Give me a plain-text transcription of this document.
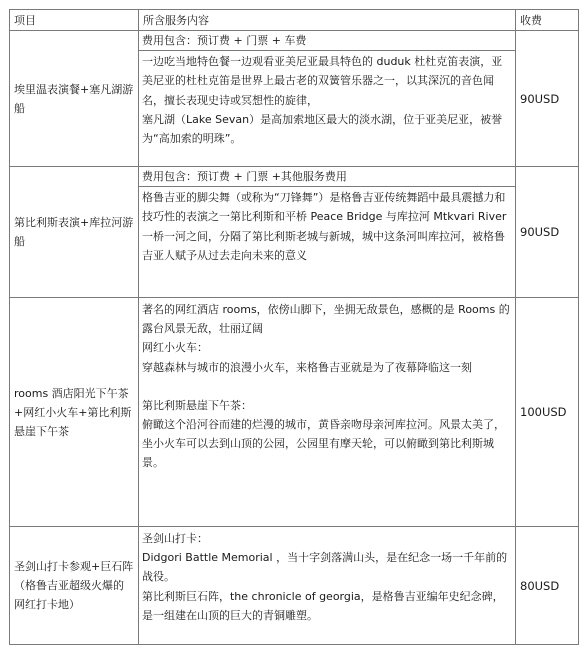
项目	所含服务内容	收费
埃里温表演餐+塞凡湖游船	费用包含：预订费 + 门票 + 车费
一边吃当地特色餐一边观看亚美尼亚最具特色的 duduk 杜杜克笛表演，亚美尼亚的杜杜克笛是世界上最古老的双簧管乐器之一，以其深沉的音色闻名，擅长表现史诗或冥想性的旋律，
塞凡湖（Lake Sevan）是高加索地区最大的淡水湖，位于亚美尼亚，被誉为“高加索的明珠”。	90USD
第比利斯表演+库拉河游船	费用包含：预订费 + 门票 +其他服务费用
格鲁吉亚的脚尖舞（或称为“刀锋舞”）是格鲁吉亚传统舞蹈中最具震撼力和技巧性的表演之一第比利斯和平桥 Peace Bridge 与库拉河 Mtkvari River
一桥一河之间，分隔了第比利斯老城与新城，城中这条河叫库拉河，被格鲁吉亚人赋予从过去走向未来的意义	90USD
rooms 酒店阳光下午茶+网红小火车+第比利斯悬崖下午茶	著名的网红酒店 rooms，依傍山脚下，坐拥无敌景色，感概的是 Rooms 的露台风景无敌，壮丽辽阔
网红小火车：
穿越森林与城市的浪漫小火车，来格鲁吉亚就是为了夜幕降临这一刻
第比利斯悬崖下午茶：
俯瞰这个沿河谷而建的烂漫的城市，黄昏亲吻母亲河库拉河。风景太美了，坐小火车可以去到山顶的公园，公园里有摩天轮，可以俯瞰到第比利斯城景。	100USD
圣剑山打卡参观+巨石阵（格鲁吉亚超级火爆的网红打卡地）	圣剑山打卡：
Didgori Battle Memorial ，当十字剑落满山头，是在纪念一场一千年前的战役。
第比利斯巨石阵，the chronicle of georgia，是格鲁吉亚编年史纪念碑，是一组建在山顶的巨大的青铜雕塑。	80USD
